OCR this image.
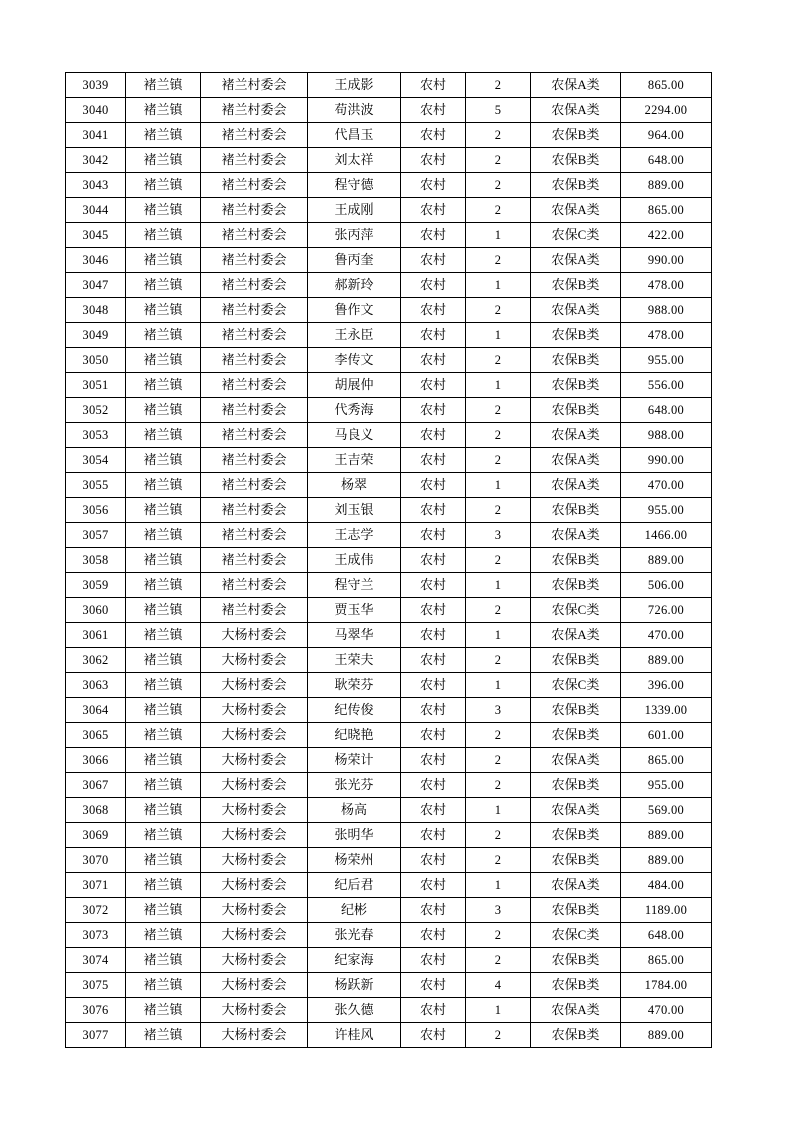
3039	褚兰镇	褚兰村委会	王成影	农村	2	农保A类	865.00
3040	褚兰镇	褚兰村委会	苟洪波	农村	5	农保A类	2294.00
3041	褚兰镇	褚兰村委会	代昌玉	农村	2	农保B类	964.00
3042	褚兰镇	褚兰村委会	刘太祥	农村	2	农保B类	648.00
3043	褚兰镇	褚兰村委会	程守德	农村	2	农保B类	889.00
3044	褚兰镇	褚兰村委会	王成刚	农村	2	农保A类	865.00
3045	褚兰镇	褚兰村委会	张丙萍	农村	1	农保C类	422.00
3046	褚兰镇	褚兰村委会	鲁丙奎	农村	2	农保A类	990.00
3047	褚兰镇	褚兰村委会	郝新玲	农村	1	农保B类	478.00
3048	褚兰镇	褚兰村委会	鲁作文	农村	2	农保A类	988.00
3049	褚兰镇	褚兰村委会	王永臣	农村	1	农保B类	478.00
3050	褚兰镇	褚兰村委会	李传文	农村	2	农保B类	955.00
3051	褚兰镇	褚兰村委会	胡展仲	农村	1	农保B类	556.00
3052	褚兰镇	褚兰村委会	代秀海	农村	2	农保B类	648.00
3053	褚兰镇	褚兰村委会	马良义	农村	2	农保A类	988.00
3054	褚兰镇	褚兰村委会	王吉荣	农村	2	农保A类	990.00
3055	褚兰镇	褚兰村委会	杨翠	农村	1	农保A类	470.00
3056	褚兰镇	褚兰村委会	刘玉银	农村	2	农保B类	955.00
3057	褚兰镇	褚兰村委会	王志学	农村	3	农保A类	1466.00
3058	褚兰镇	褚兰村委会	王成伟	农村	2	农保B类	889.00
3059	褚兰镇	褚兰村委会	程守兰	农村	1	农保B类	506.00
3060	褚兰镇	褚兰村委会	贾玉华	农村	2	农保C类	726.00
3061	褚兰镇	大杨村委会	马翠华	农村	1	农保A类	470.00
3062	褚兰镇	大杨村委会	王荣夫	农村	2	农保B类	889.00
3063	褚兰镇	大杨村委会	耿荣芬	农村	1	农保C类	396.00
3064	褚兰镇	大杨村委会	纪传俊	农村	3	农保B类	1339.00
3065	褚兰镇	大杨村委会	纪晓艳	农村	2	农保B类	601.00
3066	褚兰镇	大杨村委会	杨荣计	农村	2	农保A类	865.00
3067	褚兰镇	大杨村委会	张光芬	农村	2	农保B类	955.00
3068	褚兰镇	大杨村委会	杨高	农村	1	农保A类	569.00
3069	褚兰镇	大杨村委会	张明华	农村	2	农保B类	889.00
3070	褚兰镇	大杨村委会	杨荣州	农村	2	农保B类	889.00
3071	褚兰镇	大杨村委会	纪后君	农村	1	农保A类	484.00
3072	褚兰镇	大杨村委会	纪彬	农村	3	农保B类	1189.00
3073	褚兰镇	大杨村委会	张光春	农村	2	农保C类	648.00
3074	褚兰镇	大杨村委会	纪家海	农村	2	农保B类	865.00
3075	褚兰镇	大杨村委会	杨跃新	农村	4	农保B类	1784.00
3076	褚兰镇	大杨村委会	张久德	农村	1	农保A类	470.00
3077	褚兰镇	大杨村委会	许桂风	农村	2	农保B类	889.00
